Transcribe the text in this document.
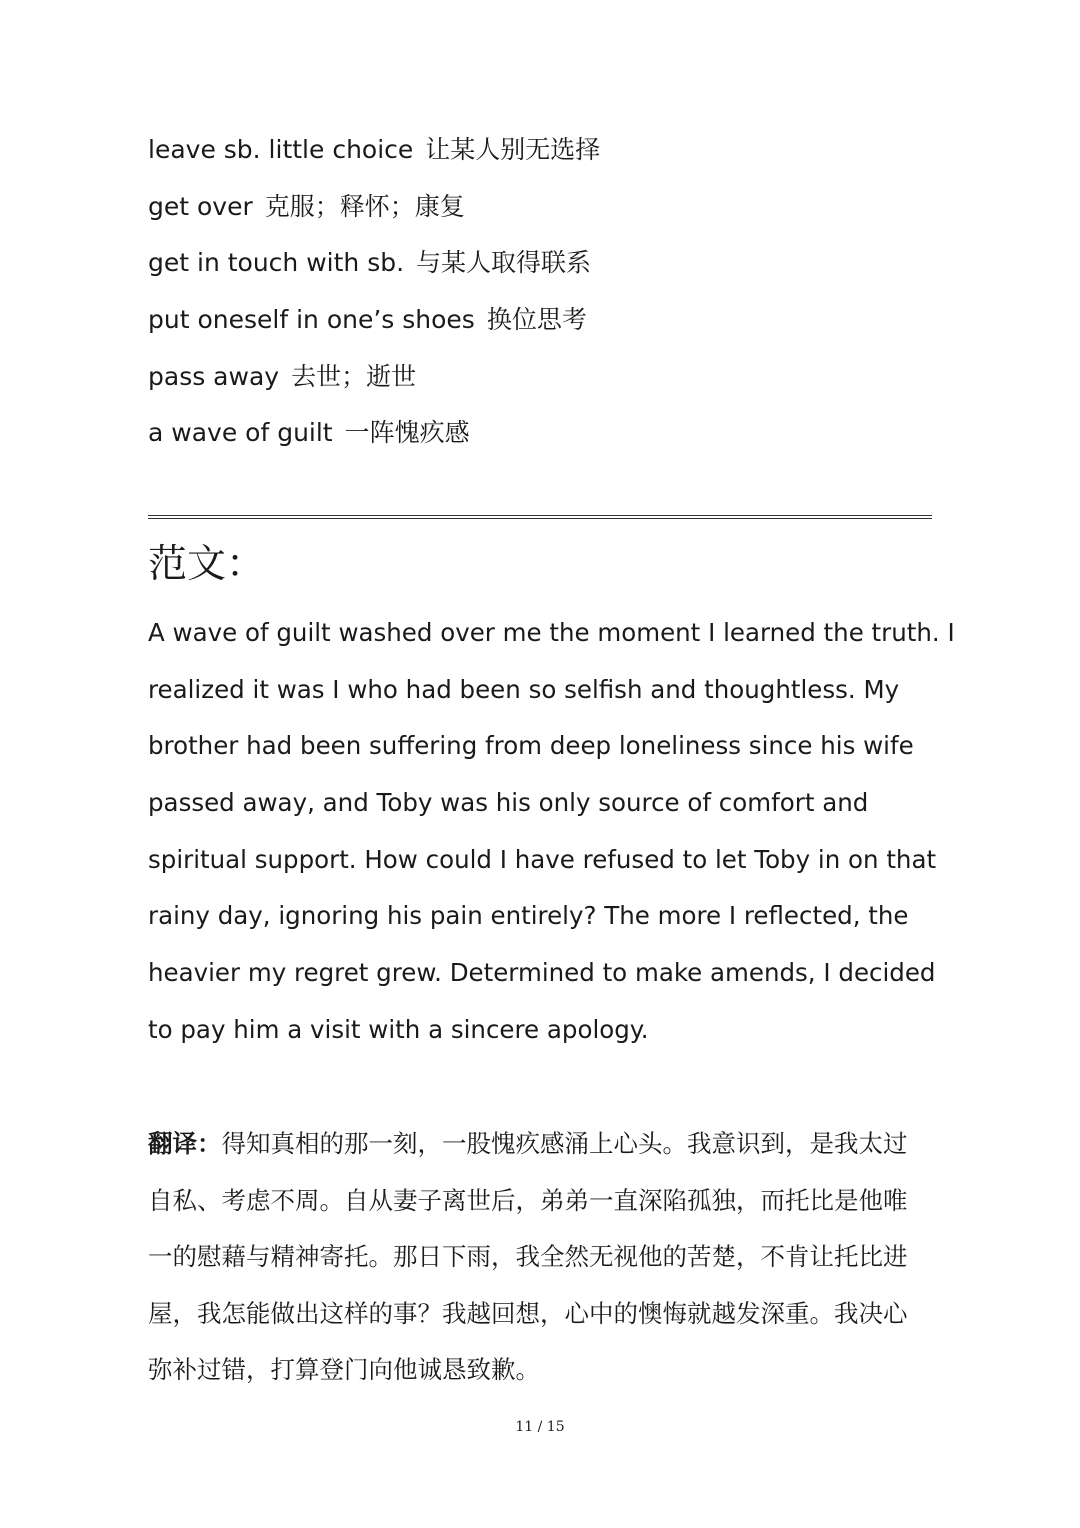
leave sb. little choice 让某人别无选择
get over 克服；释怀；康复
get in touch with sb. 与某人取得联系
put oneself in one’s shoes 换位思考
pass away 去世；逝世
a wave of guilt 一阵愧疚感
范文：
A wave of guilt washed over me the moment I learned the truth. I
realized it was I who had been so selfish and thoughtless. My
brother had been suffering from deep loneliness since his wife
passed away, and Toby was his only source of comfort and
spiritual support. How could I have refused to let Toby in on that
rainy day, ignoring his pain entirely? The more I reflected, the
heavier my regret grew. Determined to make amends, I decided
to pay him a visit with a sincere apology.
翻译：得知真相的那一刻，一股愧疚感涌上心头。我意识到，是我太过
自私、考虑不周。自从妻子离世后，弟弟一直深陷孤独，而托比是他唯
一的慰藉与精神寄托。那日下雨，我全然无视他的苦楚，不肯让托比进
屋，我怎能做出这样的事？我越回想，心中的懊悔就越发深重。我决心
弥补过错，打算登门向他诚恳致歉。
11 / 15
